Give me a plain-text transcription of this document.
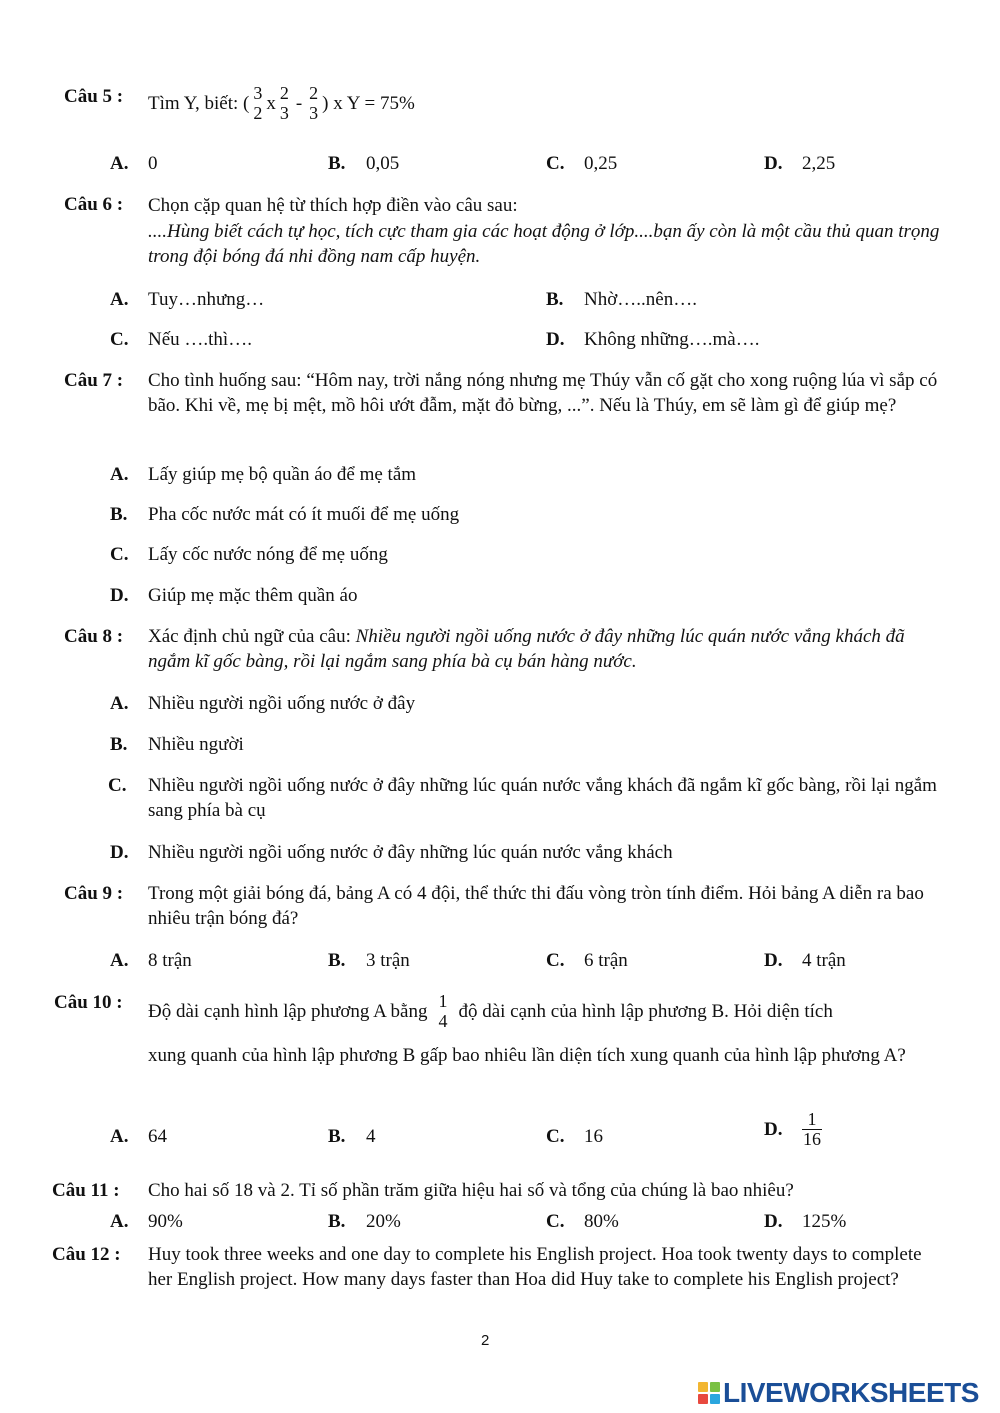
Câu 5 : Tìm Y, biết: ( 3
2 x 2
3 - 2
3 ) x Y = 75%
A. 0	B. 0,05	C. 0,25	D. 2,25
Câu 6 : Chọn cặp quan hệ từ thích hợp điền vào câu sau:
....Hùng biết cách tự học, tích cực tham gia các hoạt động ở lớp....bạn ấy còn là một cầu thủ quan trọng trong đội bóng đá nhi đồng nam cấp huyện.
A. Tuy…nhưng…	B. Nhờ…..nên….
C. Nếu ….thì….	D. Không những….mà….
Câu 7 : Cho tình huống sau: “Hôm nay, trời nắng nóng nhưng mẹ Thúy vẫn cố gặt cho xong ruộng lúa vì sắp có bão. Khi về, mẹ bị mệt, mồ hôi ướt đẫm, mặt đỏ bừng, ...”. Nếu là Thúy, em sẽ làm gì để giúp mẹ?
A. Lấy giúp mẹ bộ quần áo để mẹ tắm
B. Pha cốc nước mát có ít muối để mẹ uống
C. Lấy cốc nước nóng để mẹ uống
D. Giúp mẹ mặc thêm quần áo
Câu 8 : Xác định chủ ngữ của câu: Nhiều người ngồi uống nước ở đây những lúc quán nước vắng khách đã ngắm kĩ gốc bàng, rồi lại ngắm sang phía bà cụ bán hàng nước.
A. Nhiều người ngồi uống nước ở đây
B. Nhiều người
C. Nhiều người ngồi uống nước ở đây những lúc quán nước vắng khách đã ngắm kĩ gốc bàng, rồi lại ngắm sang phía bà cụ
D. Nhiều người ngồi uống nước ở đây những lúc quán nước vắng khách
Câu 9 : Trong một giải bóng đá, bảng A có 4 đội, thể thức thi đấu vòng tròn tính điểm. Hỏi bảng A diễn ra bao nhiêu trận bóng đá?
A. 8 trận	B. 3 trận	C. 6 trận	D. 4 trận
Câu 10 : Độ dài cạnh hình lập phương A bằng 1
4 độ dài cạnh của hình lập phương B. Hỏi diện tích
xung quanh của hình lập phương B gấp bao nhiêu lần diện tích xung quanh của hình lập phương A?
A. 64	B. 4	C. 16	D.	$\frac{1}{16}$
Câu 11 : Cho hai số 18 và 2. Tỉ số phần trăm giữa hiệu hai số và tổng của chúng là bao nhiêu?
A. 90%	B. 20%	C. 80%	D. 125%
Câu 12 : Huy took three weeks and one day to complete his English project. Hoa took twenty days to complete her English project. How many days faster than Hoa did Huy take to complete his English project?
2
LIVEWORKSHEETS
